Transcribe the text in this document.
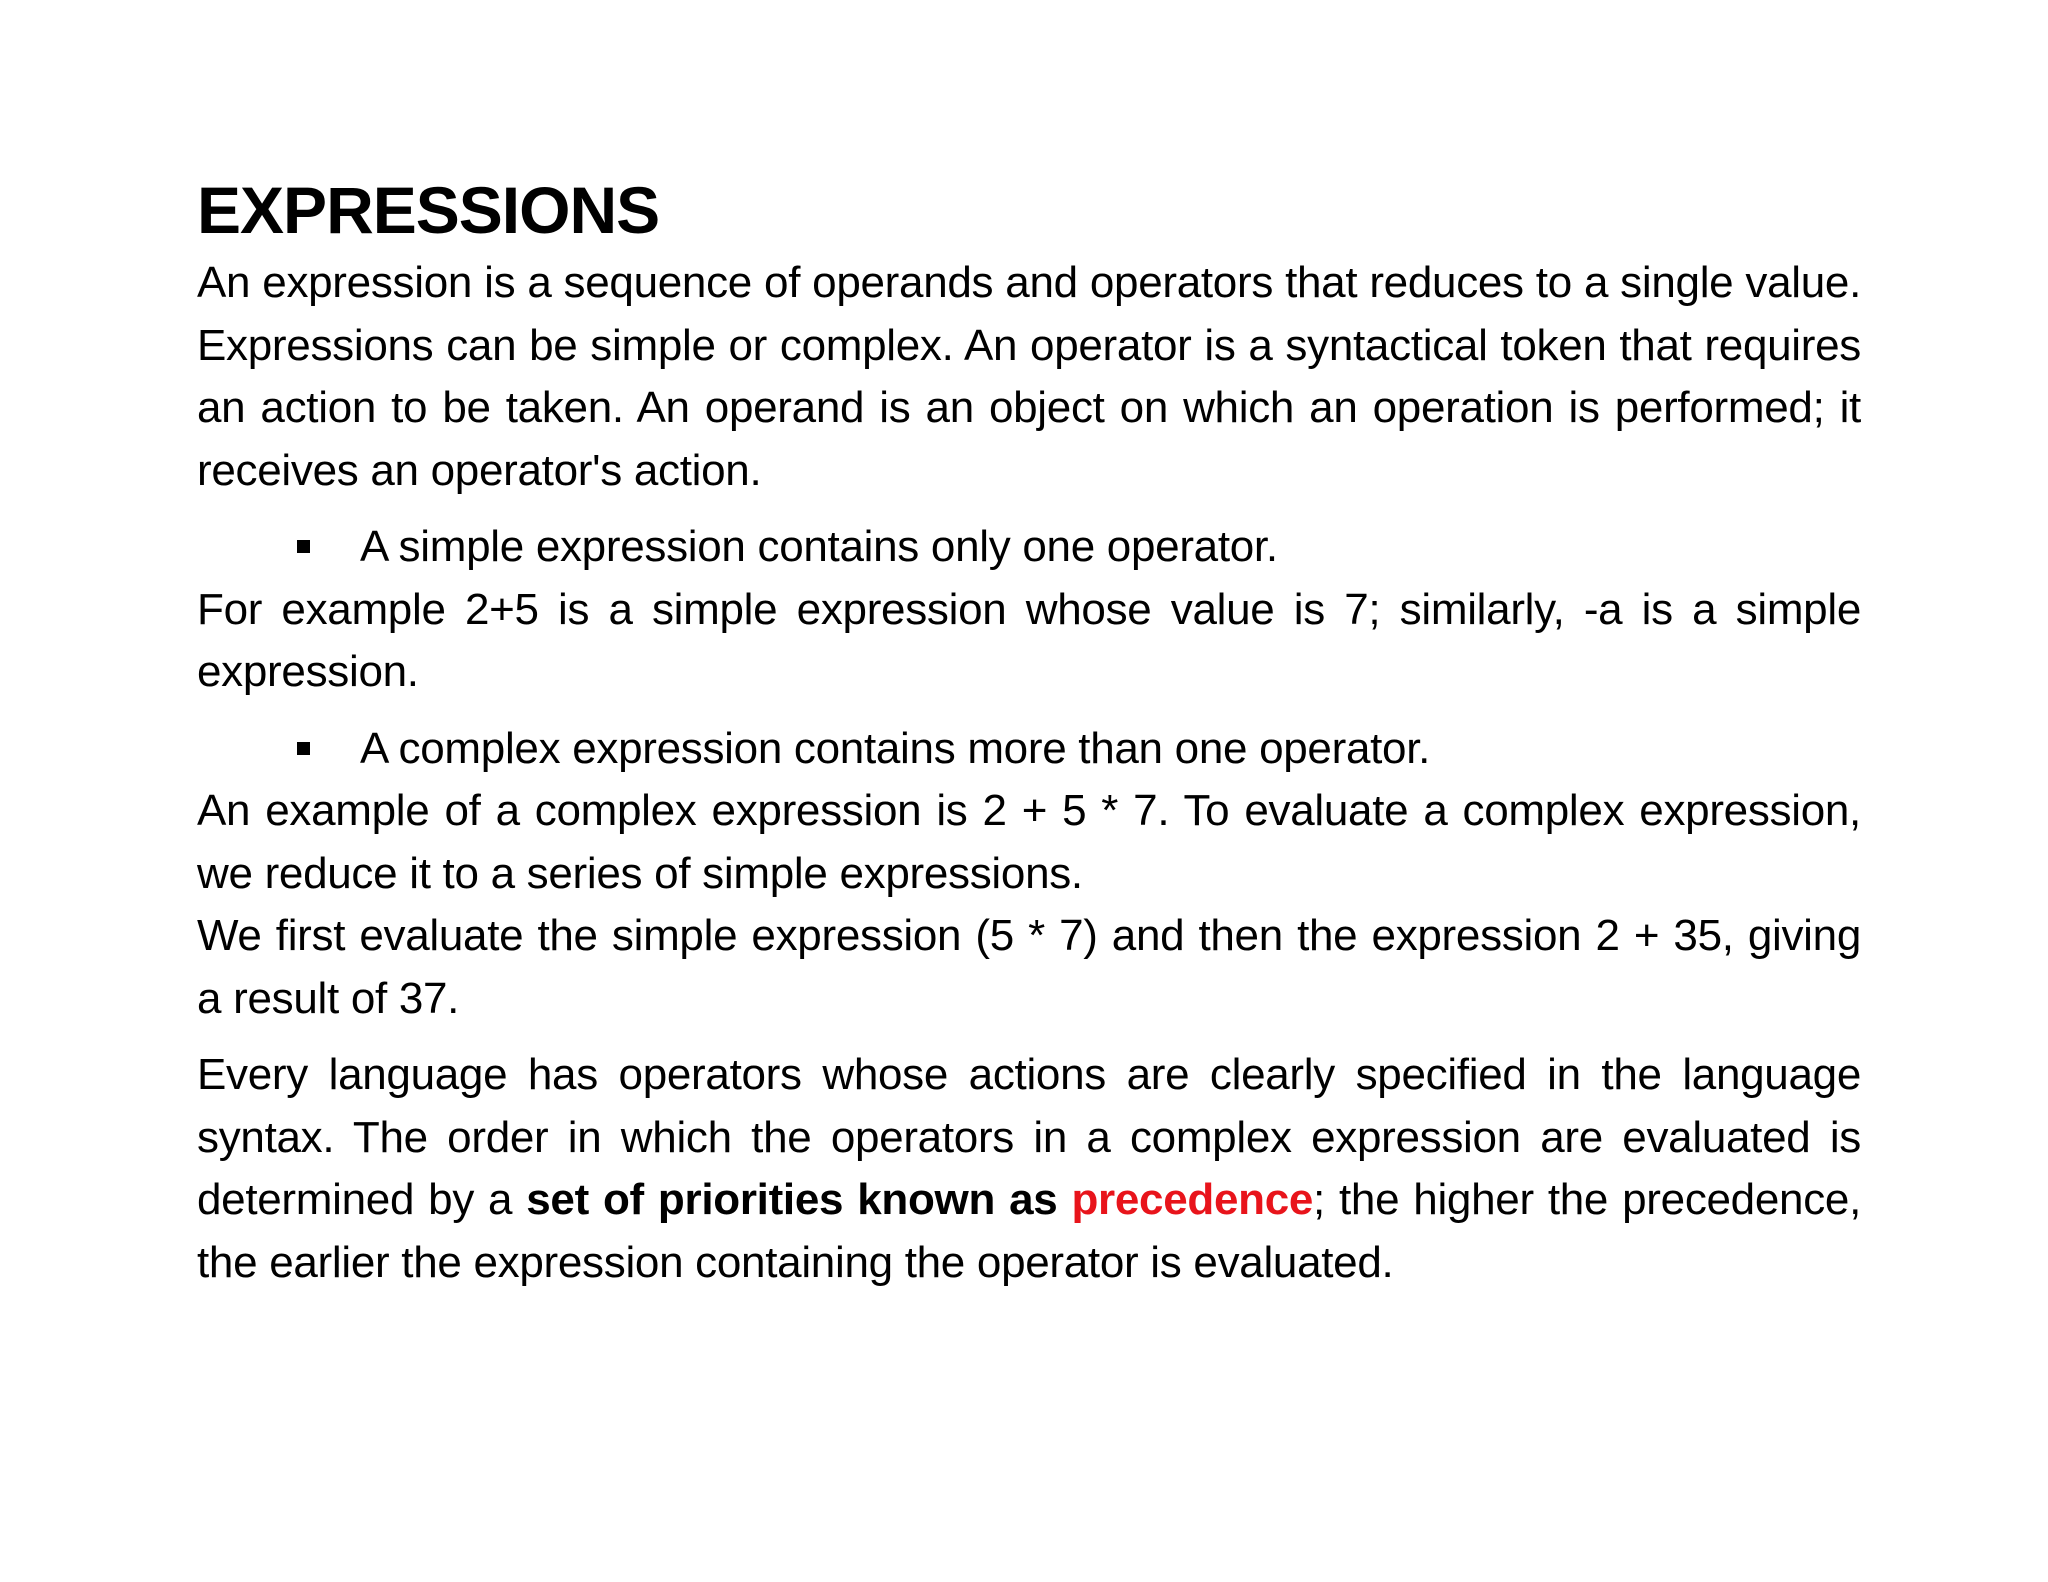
EXPRESSIONS

An expression is a sequence of operands and operators that reduces to a single value. Expressions can be simple or complex. An operator is a syntactical token that requires an action to be taken. An operand is an object on which an operation is performed; it receives an operator's action.

A simple expression contains only one operator.

For example 2+5 is a simple expression whose value is 7; similarly, -a is a simple expression.

A complex expression contains more than one operator.

An example of a complex expression is 2 + 5 * 7. To evaluate a complex expression, we reduce it to a series of simple expressions.

We first evaluate the simple expression (5 * 7) and then the expression 2 + 35, giving a result of 37.

Every language has operators whose actions are clearly specified in the language syntax. The order in which the operators in a complex expression are evaluated is determined by a set of priorities known as precedence; the higher the precedence, the earlier the expression containing the operator is evaluated.
